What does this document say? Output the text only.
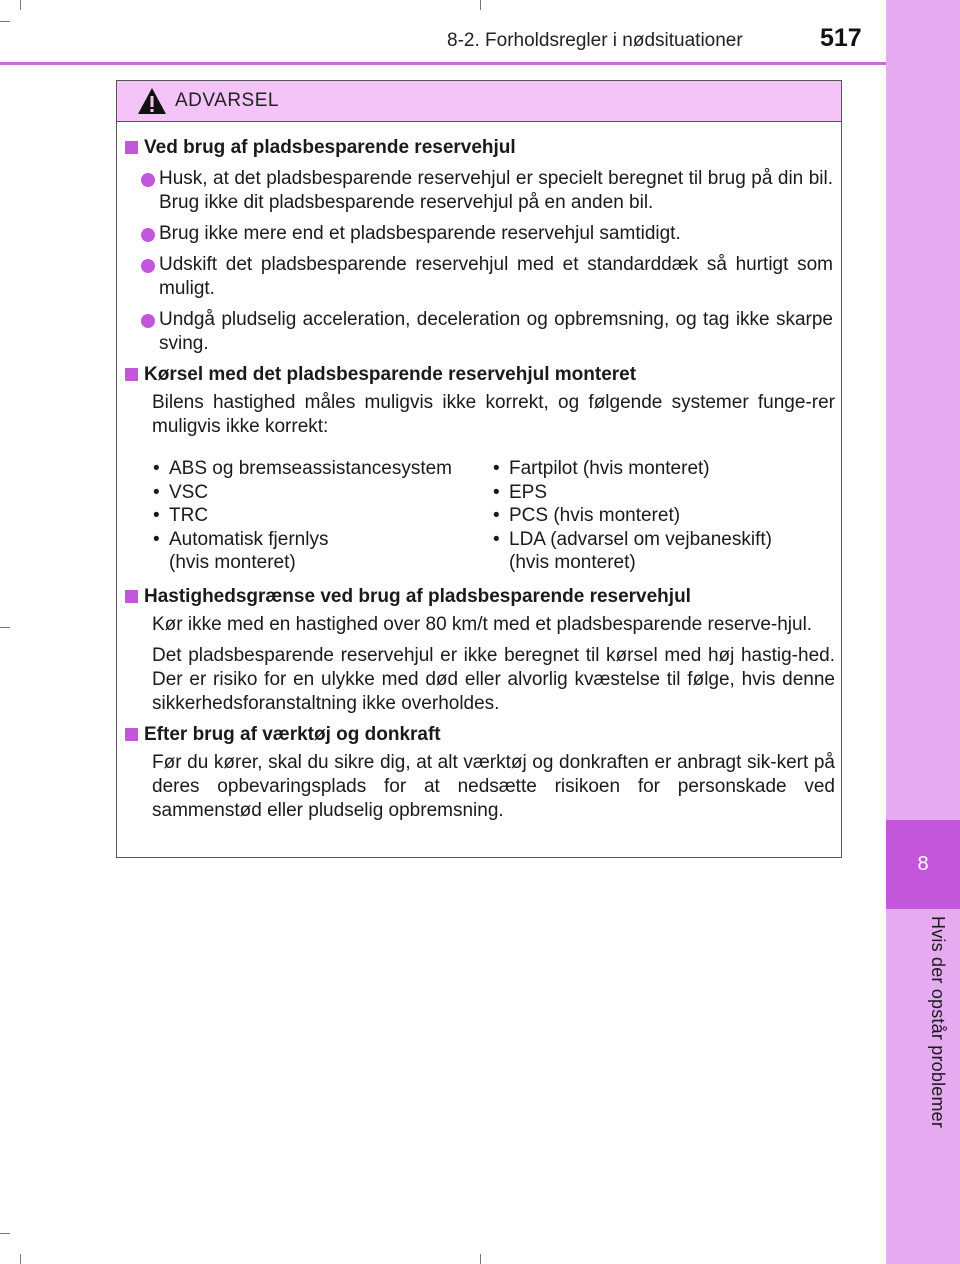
8-2. Forholdsregler i nødsituationer	517
8
Hvis der opstår problemer
ADVARSEL
Ved brug af pladsbesparende reservehjul
Husk, at det pladsbesparende reservehjul er specielt beregnet til brug på din bil. Brug ikke dit pladsbesparende reservehjul på en anden bil.
Brug ikke mere end et pladsbesparende reservehjul samtidigt.
Udskift det pladsbesparende reservehjul med et standarddæk så hurtigt som muligt.
Undgå pludselig acceleration, deceleration og opbremsning, og tag ikke skarpe sving.
Kørsel med det pladsbesparende reservehjul monteret
Bilens hastighed måles muligvis ikke korrekt, og følgende systemer funge-rer muligvis ikke korrekt:
• ABS og bremseassistancesystem
• VSC
• TRC
• Automatisk fjernlys
(hvis monteret)
• Fartpilot (hvis monteret)
• EPS
• PCS (hvis monteret)
• LDA (advarsel om vejbaneskift)
(hvis monteret)
Hastighedsgrænse ved brug af pladsbesparende reservehjul
Kør ikke med en hastighed over 80 km/t med et pladsbesparende reserve-hjul.
Det pladsbesparende reservehjul er ikke beregnet til kørsel med høj hastig-hed. Der er risiko for en ulykke med død eller alvorlig kvæstelse til følge, hvis denne sikkerhedsforanstaltning ikke overholdes.
Efter brug af værktøj og donkraft
Før du kører, skal du sikre dig, at alt værktøj og donkraften er anbragt sik-kert på deres opbevaringsplads for at nedsætte risikoen for personskade ved sammenstød eller pludselig opbremsning.
